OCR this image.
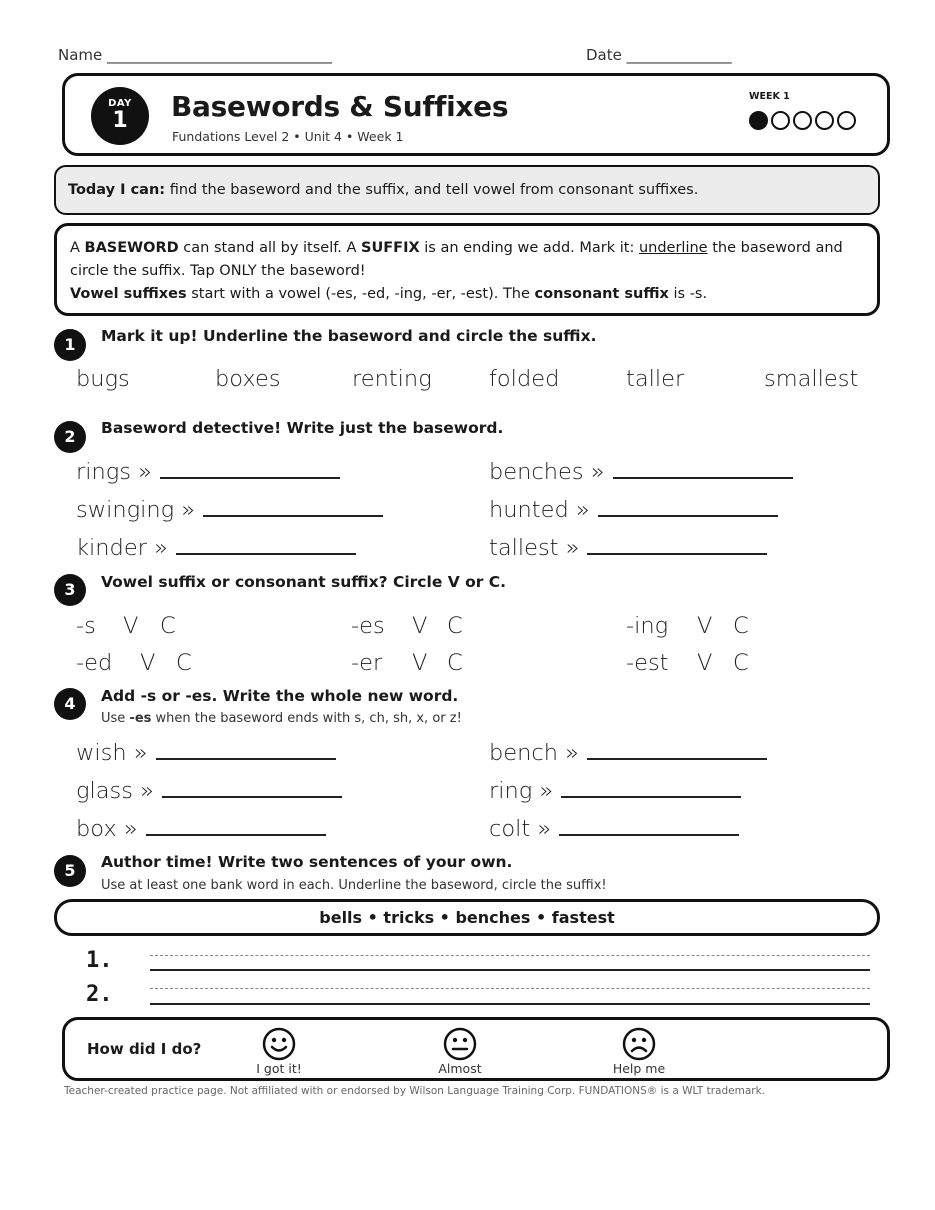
Name ______________________________	Date ______________
DAY
1	Basewords & Suffixes
Fundations Level 2 • Unit 4 • Week 1
WEEK 1
Today I can: find the baseword and the suffix, and tell vowel from consonant suffixes.
A BASEWORD can stand all by itself. A SUFFIX is an ending we add. Mark it: underline the baseword and circle the suffix. Tap ONLY the baseword!
Vowel suffixes start with a vowel (-es, -ed, -ing, -er, -est). The consonant suffix is -s.
1	Mark it up! Underline the baseword and circle the suffix.
bugs	boxes	renting	folded	taller	smallest
2	Baseword detective! Write just the baseword.
rings »	benches »
swinging »	hunted »
kinder »	tallest »
3	Vowel suffix or consonant suffix? Circle V or C.
-s V C	-es V C	-ing V C
-ed V C	-er V C	-est V C
4	Add -s or -es. Write the whole new word.
Use -es when the baseword ends with s, ch, sh, x, or z!
wish »	bench »
glass »	ring »
box »	colt »
5	Author time! Write two sentences of your own.
Use at least one bank word in each. Underline the baseword, circle the suffix!
bells • tricks • benches • fastest
1.
2.
How did I do?
I got it!	Almost	Help me
Teacher-created practice page. Not affiliated with or endorsed by Wilson Language Training Corp. FUNDATIONS® is a WLT trademark.
